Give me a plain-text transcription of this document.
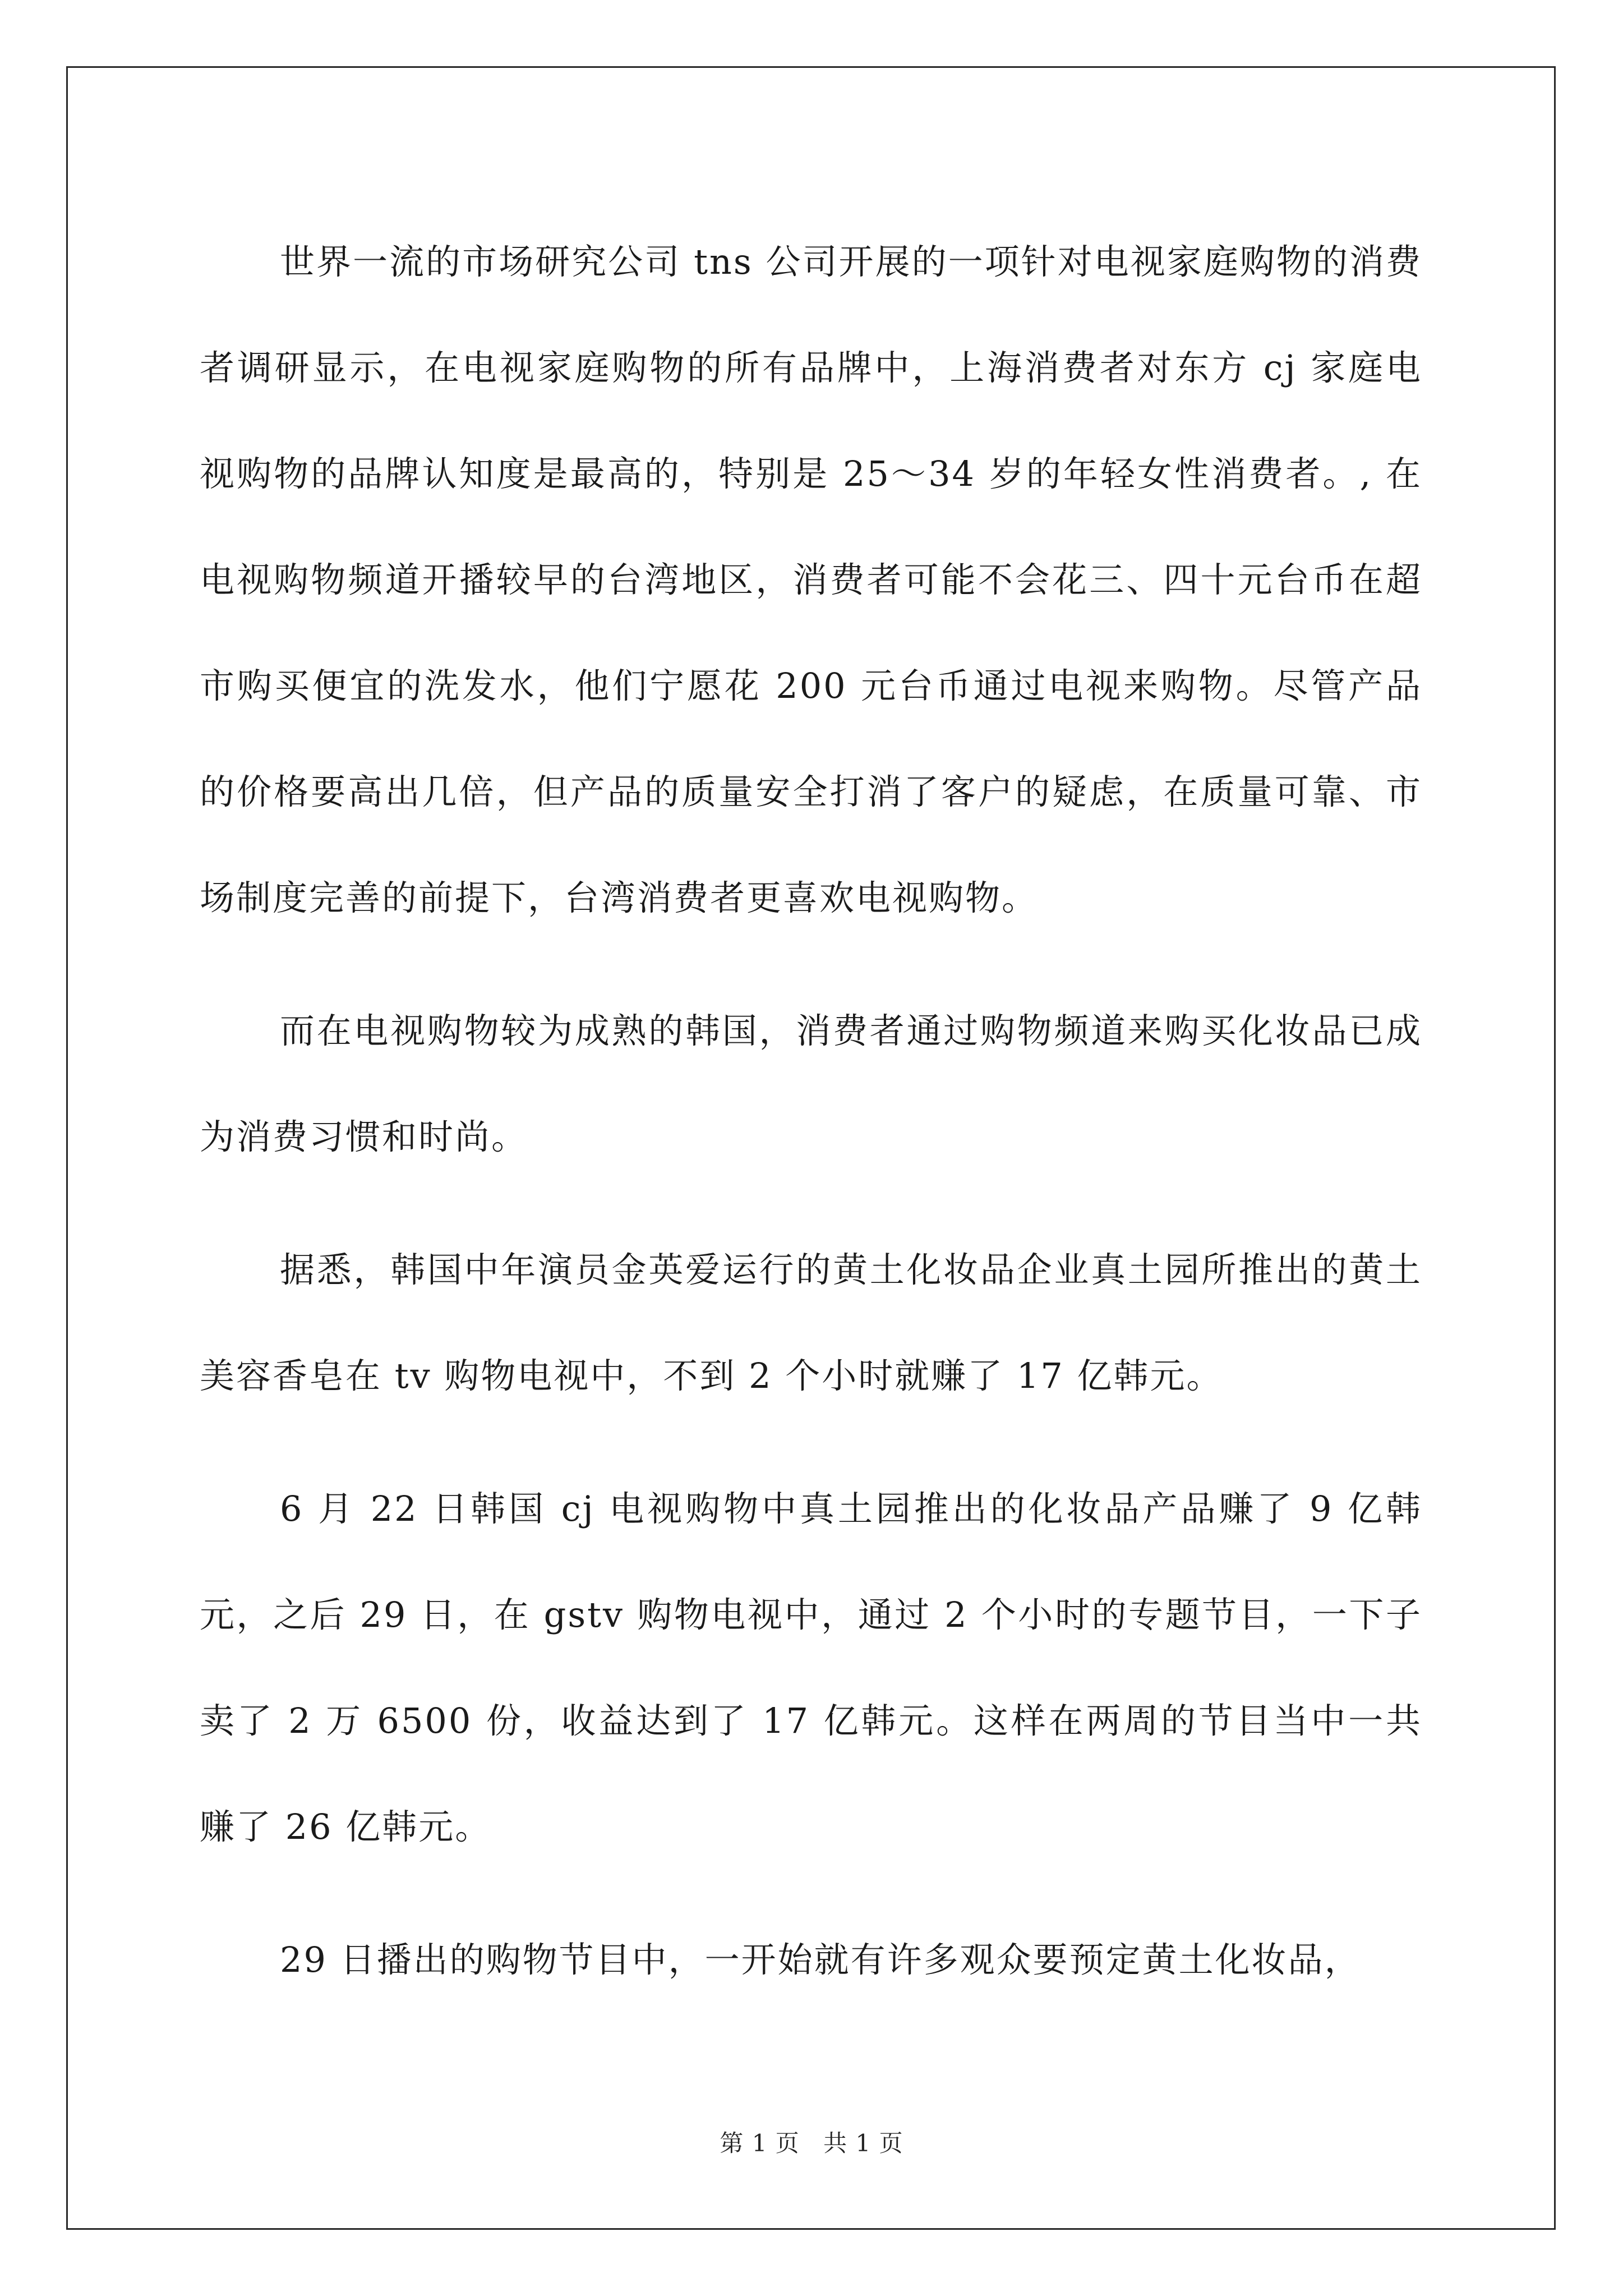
世界一流的市场研究公司 tns 公司开展的一项针对电视家庭购物的消费者调研显示，在电视家庭购物的所有品牌中，上海消费者对东方 cj 家庭电视购物的品牌认知度是最高的，特别是 25～34 岁的年轻女性消费者。, 在电视购物频道开播较早的台湾地区，消费者可能不会花三、四十元台币在超市购买便宜的洗发水，他们宁愿花 200 元台币通过电视来购物。尽管产品的价格要高出几倍，但产品的质量安全打消了客户的疑虑，在质量可靠、市场制度完善的前提下，台湾消费者更喜欢电视购物。

而在电视购物较为成熟的韩国，消费者通过购物频道来购买化妆品已成为消费习惯和时尚。

据悉，韩国中年演员金英爱运行的黄土化妆品企业真土园所推出的黄土美容香皂在 tv 购物电视中，不到 2 个小时就赚了 17 亿韩元。

6 月 22 日韩国 cj 电视购物中真土园推出的化妆品产品赚了 9 亿韩元，之后 29 日，在 gstv 购物电视中，通过 2 个小时的专题节目，一下子卖了 2 万 6500 份，收益达到了 17 亿韩元。这样在两周的节目当中一共赚了 26 亿韩元。

29 日播出的购物节目中，一开始就有许多观众要预定黄土化妆品，

第 1 页 共 1 页
